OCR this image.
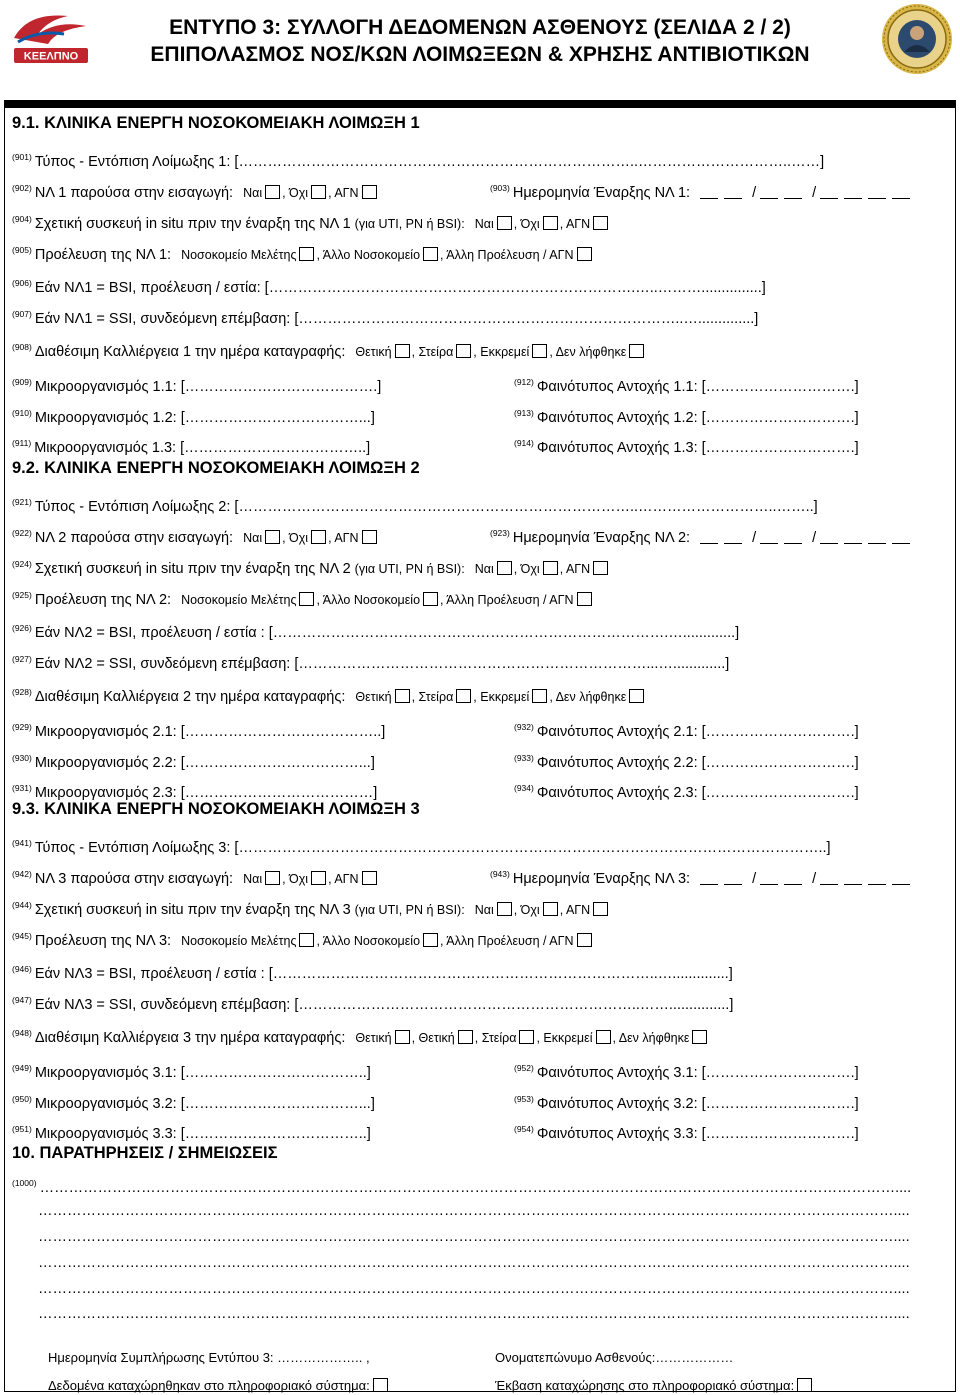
ΚΕΕΛΠΝΟ
ΕΝΤΥΠΟ 3: ΣΥΛΛΟΓΗ ΔΕΔΟΜΕΝΩΝ ΑΣΘΕΝΟΥΣ (ΣΕΛΙΔΑ 2 / 2)
ΕΠΙΠΟΛΑΣΜΟΣ ΝΟΣ/ΚΩΝ ΛΟΙΜΩΞΕΩΝ & ΧΡΗΣΗΣ ΑΝΤΙΒΙΟΤΙΚΩΝ
9.1. ΚΛΙΝΙΚΑ ΕΝΕΡΓΗ ΝΟΣΟΚΟΜΕΙΑΚΗ ΛΟΙΜΩΞΗ 1
$^{(901)}$ Τύπος - Εντόπιση Λοίμωξης 1: [………………………………………………………………………..…………………………..……]
$^{(902)}$ ΝΛ 1 παρούσα στην εισαγωγή: Ναι , Όχι , ΑΓΝ	$^{(903)}$ Ημερομηνία Έναρξης ΝΛ 1:	/	/
$^{(904)}$ Σχετική συσκευή in situ πριν την έναρξη της ΝΛ 1 (για UTI, PN ή BSI): Ναι , Όχι , ΑΓΝ
$^{(905)}$ Προέλευση της ΝΛ 1: Νοσοκομείο Μελέτης , Άλλο Νοσοκομείο , Άλλη Προέλευση / ΑΓΝ
$^{(906)}$ Εάν ΝΛ1 = BSI, προέλευση / εστία: [………………………………………………………………….…..………...............]
$^{(907)}$ Εάν ΝΛ1 = SSI, συνδεόμενη επέμβαση: [……………………………………………………………………..…..............]
$^{(908)}$ Διαθέσιμη Καλλιέργεια 1 την ημέρα καταγραφής: Θετική , Στείρα , Εκκρεμεί , Δεν λήφθηκε
$^{(909)}$ Μικροοργανισμός 1.1: [………………………………….]	$^{(912)}$ Φαινότυπος Αντοχής 1.1: [………………………….]
$^{(910)}$ Μικροοργανισμός 1.2: [………………………………...]	$^{(913)}$ Φαινότυπος Αντοχής 1.2: [………………………….]
$^{(911)}$ Μικροοργανισμός 1.3: [………………………………..]	$^{(914)}$ Φαινότυπος Αντοχής 1.3: [………………………….]
9.2. ΚΛΙΝΙΚΑ ΕΝΕΡΓΗ ΝΟΣΟΚΟΜΕΙΑΚΗ ΛΟΙΜΩΞΗ 2
$^{(921)}$ Τύπος - Εντόπιση Λοίμωξης 2: [………………………………………………………………………..………………………..……..]
$^{(922)}$ ΝΛ 2 παρούσα στην εισαγωγή: Ναι , Όχι , ΑΓΝ	$^{(923)}$ Ημερομηνία Έναρξης ΝΛ 2:	/	/
$^{(924)}$ Σχετική συσκευή in situ πριν την έναρξη της ΝΛ 2 (για UTI, PN ή BSI): Ναι , Όχι , ΑΓΝ
$^{(925)}$ Προέλευση της ΝΛ 2: Νοσοκομείο Μελέτης , Άλλο Νοσοκομείο , Άλλη Προέλευση / ΑΓΝ
$^{(926)}$ Εάν ΝΛ2 = BSI, προέλευση / εστία : [……………………………………………………………………….….............]
$^{(927)}$ Εάν ΝΛ2 = SSI, συνδεόμενη επέμβαση: [………………………………………………………………...….............]
$^{(928)}$ Διαθέσιμη Καλλιέργεια 2 την ημέρα καταγραφής: Θετική , Στείρα , Εκκρεμεί , Δεν λήφθηκε
$^{(929)}$ Μικροοργανισμός 2.1: […………………………………..]	$^{(932)}$ Φαινότυπος Αντοχής 2.1: [………………………….]
$^{(930)}$ Μικροοργανισμός 2.2: [………………………………...]	$^{(933)}$ Φαινότυπος Αντοχής 2.2: [………………………….]
$^{(931)}$ Μικροοργανισμός 2.3: […………………………………]	$^{(934)}$ Φαινότυπος Αντοχής 2.3: [………………………….]
9.3. ΚΛΙΝΙΚΑ ΕΝΕΡΓΗ ΝΟΣΟΚΟΜΕΙΑΚΗ ΛΟΙΜΩΞΗ 3
$^{(941)}$ Τύπος - Εντόπιση Λοίμωξης 3: […………………………………………………………………………………………………………..]
$^{(942)}$ ΝΛ 3 παρούσα στην εισαγωγή: Ναι , Όχι , ΑΓΝ	$^{(943)}$ Ημερομηνία Έναρξης ΝΛ 3:	/	/
$^{(944)}$ Σχετική συσκευή in situ πριν την έναρξη της ΝΛ 3 (για UTI, PN ή BSI): Ναι , Όχι , ΑΓΝ
$^{(945)}$ Προέλευση της ΝΛ 3: Νοσοκομείο Μελέτης , Άλλο Νοσοκομείο , Άλλη Προέλευση / ΑΓΝ
$^{(946)}$ Εάν ΝΛ3 = BSI, προέλευση / εστία : [……………………………………………………………………..…..............]
$^{(947)}$ Εάν ΝΛ3 = SSI, συνδεόμενη επέμβαση: [……………………………………………………………..……...............]
$^{(948)}$ Διαθέσιμη Καλλιέργεια 3 την ημέρα καταγραφής: Θετική , Θετική , Στείρα , Εκκρεμεί , Δεν λήφθηκε
$^{(949)}$ Μικροοργανισμός 3.1: [………………………………..]	$^{(952)}$ Φαινότυπος Αντοχής 3.1: [………………………….]
$^{(950)}$ Μικροοργανισμός 3.2: [………………………………...]	$^{(953)}$ Φαινότυπος Αντοχής 3.2: [………………………….]
$^{(951)}$ Μικροοργανισμός 3.3: [………………………………..]	$^{(954)}$ Φαινότυπος Αντοχής 3.3: [………………………….]
10. ΠΑΡΑΤΗΡΗΣΕΙΣ / ΣΗΜΕΙΩΣΕΙΣ
$^{(1000)}$ ……………………………………………………………………………………………………………………………………………………………....
……………………………………………………………………………………………………………………………………………………………....
……………………………………………………………………………………………………………………………………………………………....
……………………………………………………………………………………………………………………………………………………………....
……………………………………………………………………………………………………………………………………………………………....
……………………………………………………………………………………………………………………………………………………………....
Ημερομηνία Συμπλήρωσης Εντύπου 3: ……………….. ,	Ονοματεπώνυμο Ασθενούς:………………
Δεδομένα καταχώρηθηκαν στο πληροφοριακό σύστημα:	Έκβαση καταχώρησης στο πληροφοριακό σύστημα:
